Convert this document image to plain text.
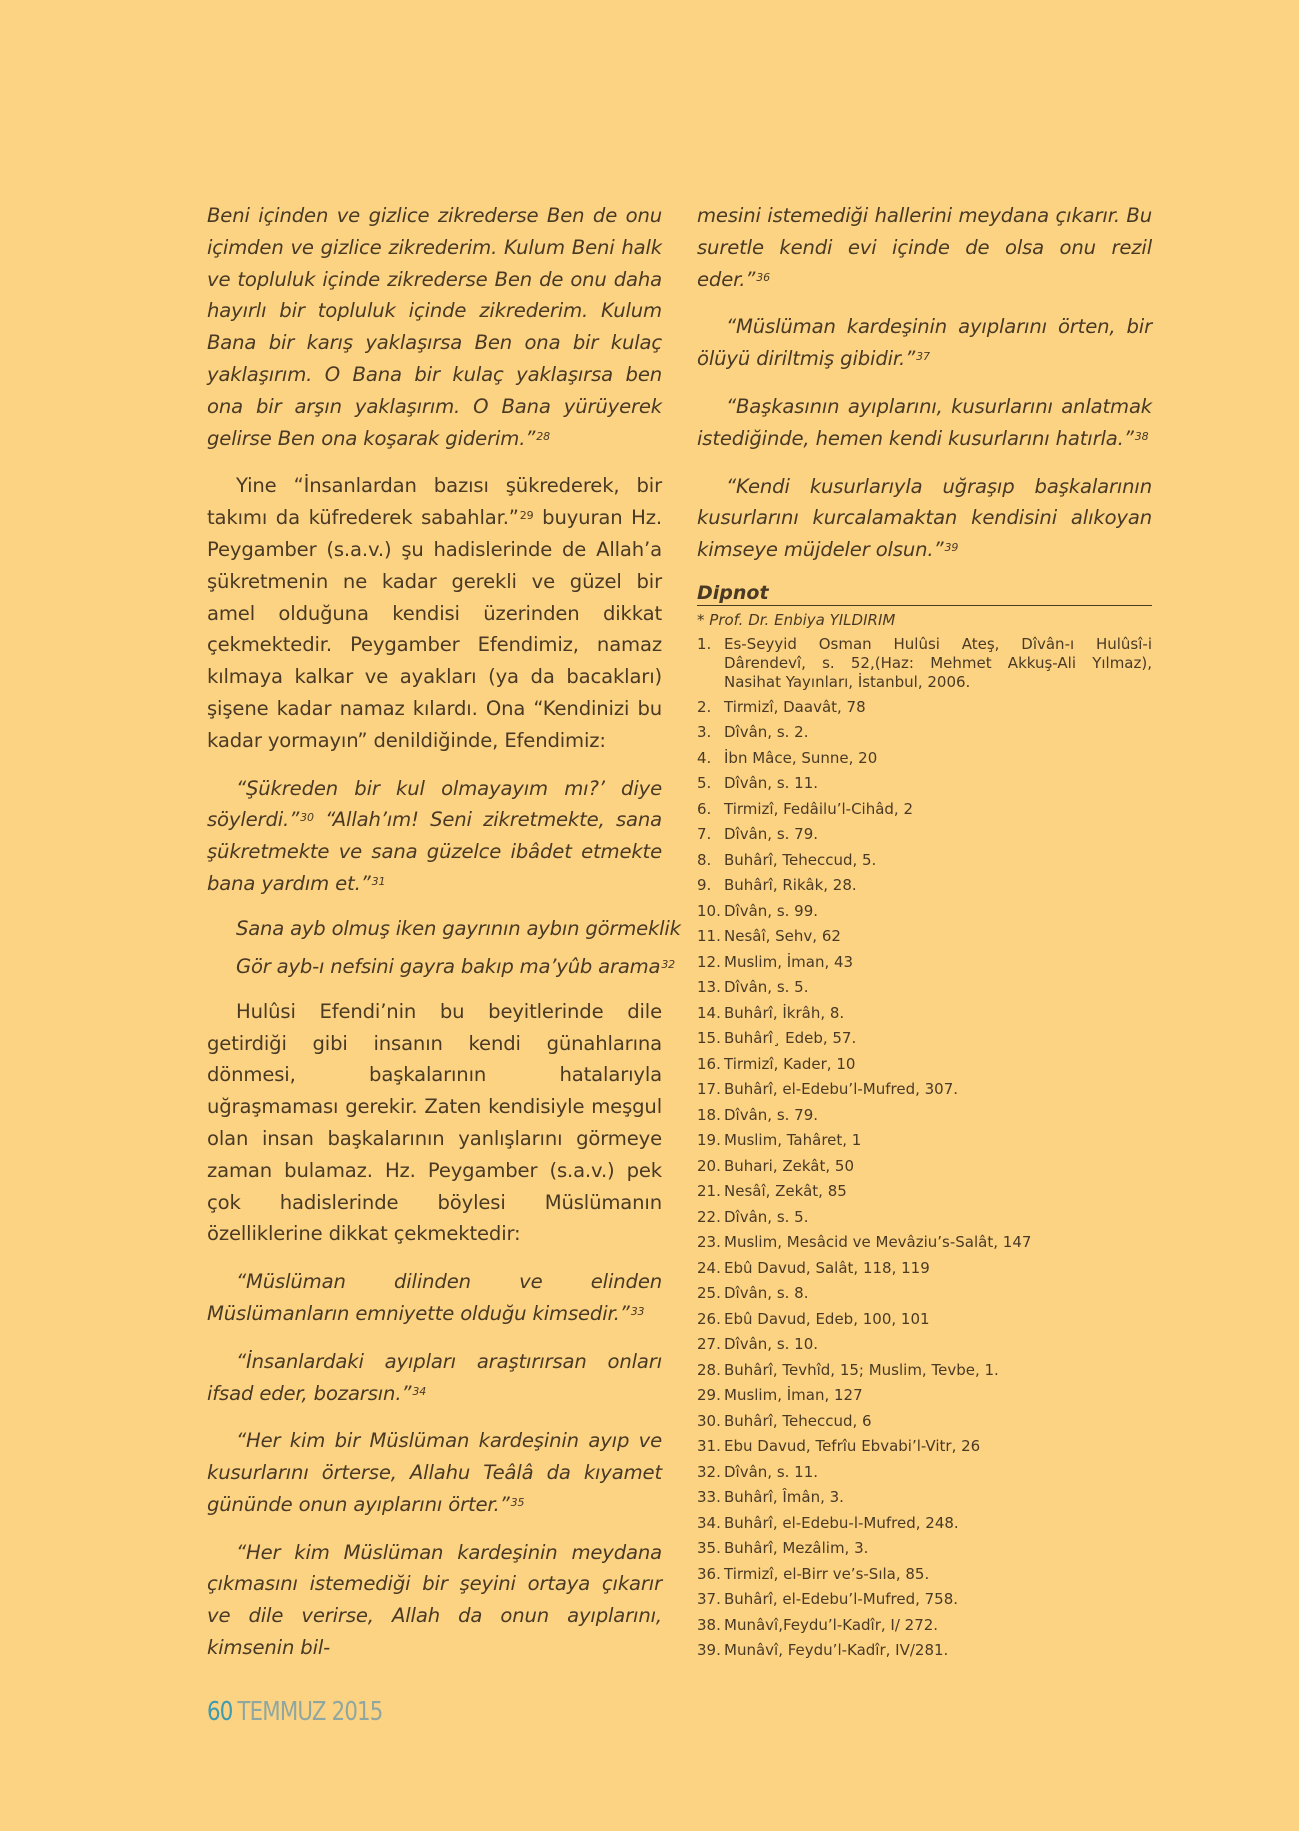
Beni içinden ve gizlice zikrederse Ben de onu içimden ve gizlice zikrederim. Kulum Beni halk ve topluluk içinde zikrederse Ben de onu daha hayırlı bir topluluk içinde zikrederim. Kulum Bana bir karış yaklaşırsa Ben ona bir kulaç yaklaşırım. O Bana bir kulaç yaklaşırsa ben ona bir arşın yaklaşırım. O Bana yürüyerek gelirse Ben ona koşarak giderim.”$^{28}$

Yine “İnsanlardan bazısı şükrederek, bir takımı da küfrederek sabahlar.”$^{29}$ buyuran Hz. Peygamber (s.a.v.) şu hadislerinde de Allah’a şükretmenin ne kadar gerekli ve güzel bir amel olduğuna kendisi üzerinden dikkat çekmektedir. Peygamber Efendimiz, namaz kılmaya kalkar ve ayakları (ya da bacakları) şişene kadar namaz kılardı. Ona “Kendinizi bu kadar yormayın” denildiğinde, Efendimiz:

“Şükreden bir kul olmayayım mı?’ diye söylerdi.”$^{30}$ “Allah’ım! Seni zikretmekte, sana şükretmekte ve sana güzelce ibâdet etmekte bana yardım et.”$^{31}$

Sana ayb olmuş iken gayrının aybın görmeklik

Gör ayb-ı nefsini gayra bakıp ma’yûb arama$^{32}$

Hulûsi Efendi’nin bu beyitlerinde dile getirdiği gibi insanın kendi günahlarına dönmesi, başkalarının hatalarıyla uğraşmaması gerekir. Zaten kendisiyle meşgul olan insan başkalarının yanlışlarını görmeye zaman bulamaz. Hz. Peygamber (s.a.v.) pek çok hadislerinde böylesi Müslümanın özelliklerine dikkat çekmektedir:

“Müslüman dilinden ve elinden Müslümanların emniyette olduğu kimsedir.”$^{33}$

“İnsanlardaki ayıpları araştırırsan onları ifsad eder, bozarsın.”$^{34}$

“Her kim bir Müslüman kardeşinin ayıp ve kusurlarını örterse, Allahu Teâlâ da kıyamet gününde onun ayıplarını örter.”$^{35}$

“Her kim Müslüman kardeşinin meydana çıkmasını istemediği bir şeyini ortaya çıkarır ve dile verirse, Allah da onun ayıplarını, kimsenin bil-

mesini istemediği hallerini meydana çıkarır. Bu suretle kendi evi içinde de olsa onu rezil eder.”$^{36}$

“Müslüman kardeşinin ayıplarını örten, bir ölüyü diriltmiş gibidir.”$^{37}$

“Başkasının ayıplarını, kusurlarını anlatmak istediğinde, hemen kendi kusurlarını hatırla.”$^{38}$

“Kendi kusurlarıyla uğraşıp başkalarının kusurlarını kurcalamaktan kendisini alıkoyan kimseye müjdeler olsun.”$^{39}$

Dipnot
* Prof. Dr. Enbiya YILDIRIM
1. Es-Seyyid Osman Hulûsi Ateş, Dîvân-ı Hulûsî-i Dârendevî, s. 52,(Haz: Mehmet Akkuş-Ali Yılmaz), Nasihat Yayınları, İstanbul, 2006.
2. Tirmizî, Daavât, 78
3. Dîvân, s. 2.
4. İbn Mâce, Sunne, 20
5. Dîvân, s. 11.
6. Tirmizî, Fedâilu’l-Cihâd, 2
7. Dîvân, s. 79.
8. Buhârî, Teheccud, 5.
9. Buhârî, Rikâk, 28.
10. Dîvân, s. 99.
11. Nesâî, Sehv, 62
12. Muslim, İman, 43
13. Dîvân, s. 5.
14. Buhârî, İkrâh, 8.
15. Buhârî¸ Edeb, 57.
16. Tirmizî, Kader, 10
17. Buhârî, el-Edebu’l-Mufred, 307.
18. Dîvân, s. 79.
19. Muslim, Tahâret, 1
20. Buhari, Zekât, 50
21. Nesâî, Zekât, 85
22. Dîvân, s. 5.
23. Muslim, Mesâcid ve Mevâziu’s-Salât, 147
24. Ebû Davud, Salât, 118, 119
25. Dîvân, s. 8.
26. Ebû Davud, Edeb, 100, 101
27. Dîvân, s. 10.
28. Buhârî, Tevhîd, 15; Muslim, Tevbe, 1.
29. Muslim, İman, 127
30. Buhârî, Teheccud, 6
31. Ebu Davud, Tefrîu Ebvabi’l-Vitr, 26
32. Dîvân, s. 11.
33. Buhârî, Îmân, 3.
34. Buhârî, el-Edebu-l-Mufred, 248.
35. Buhârî, Mezâlim, 3.
36. Tirmizî, el-Birr ve’s-Sıla, 85.
37. Buhârî, el-Edebu’l-Mufred, 758.
38. Munâvî,Feydu’l-Kadîr, I/ 272.
39. Munâvî, Feydu’l-Kadîr, IV/281.
60 TEMMUZ 2015
